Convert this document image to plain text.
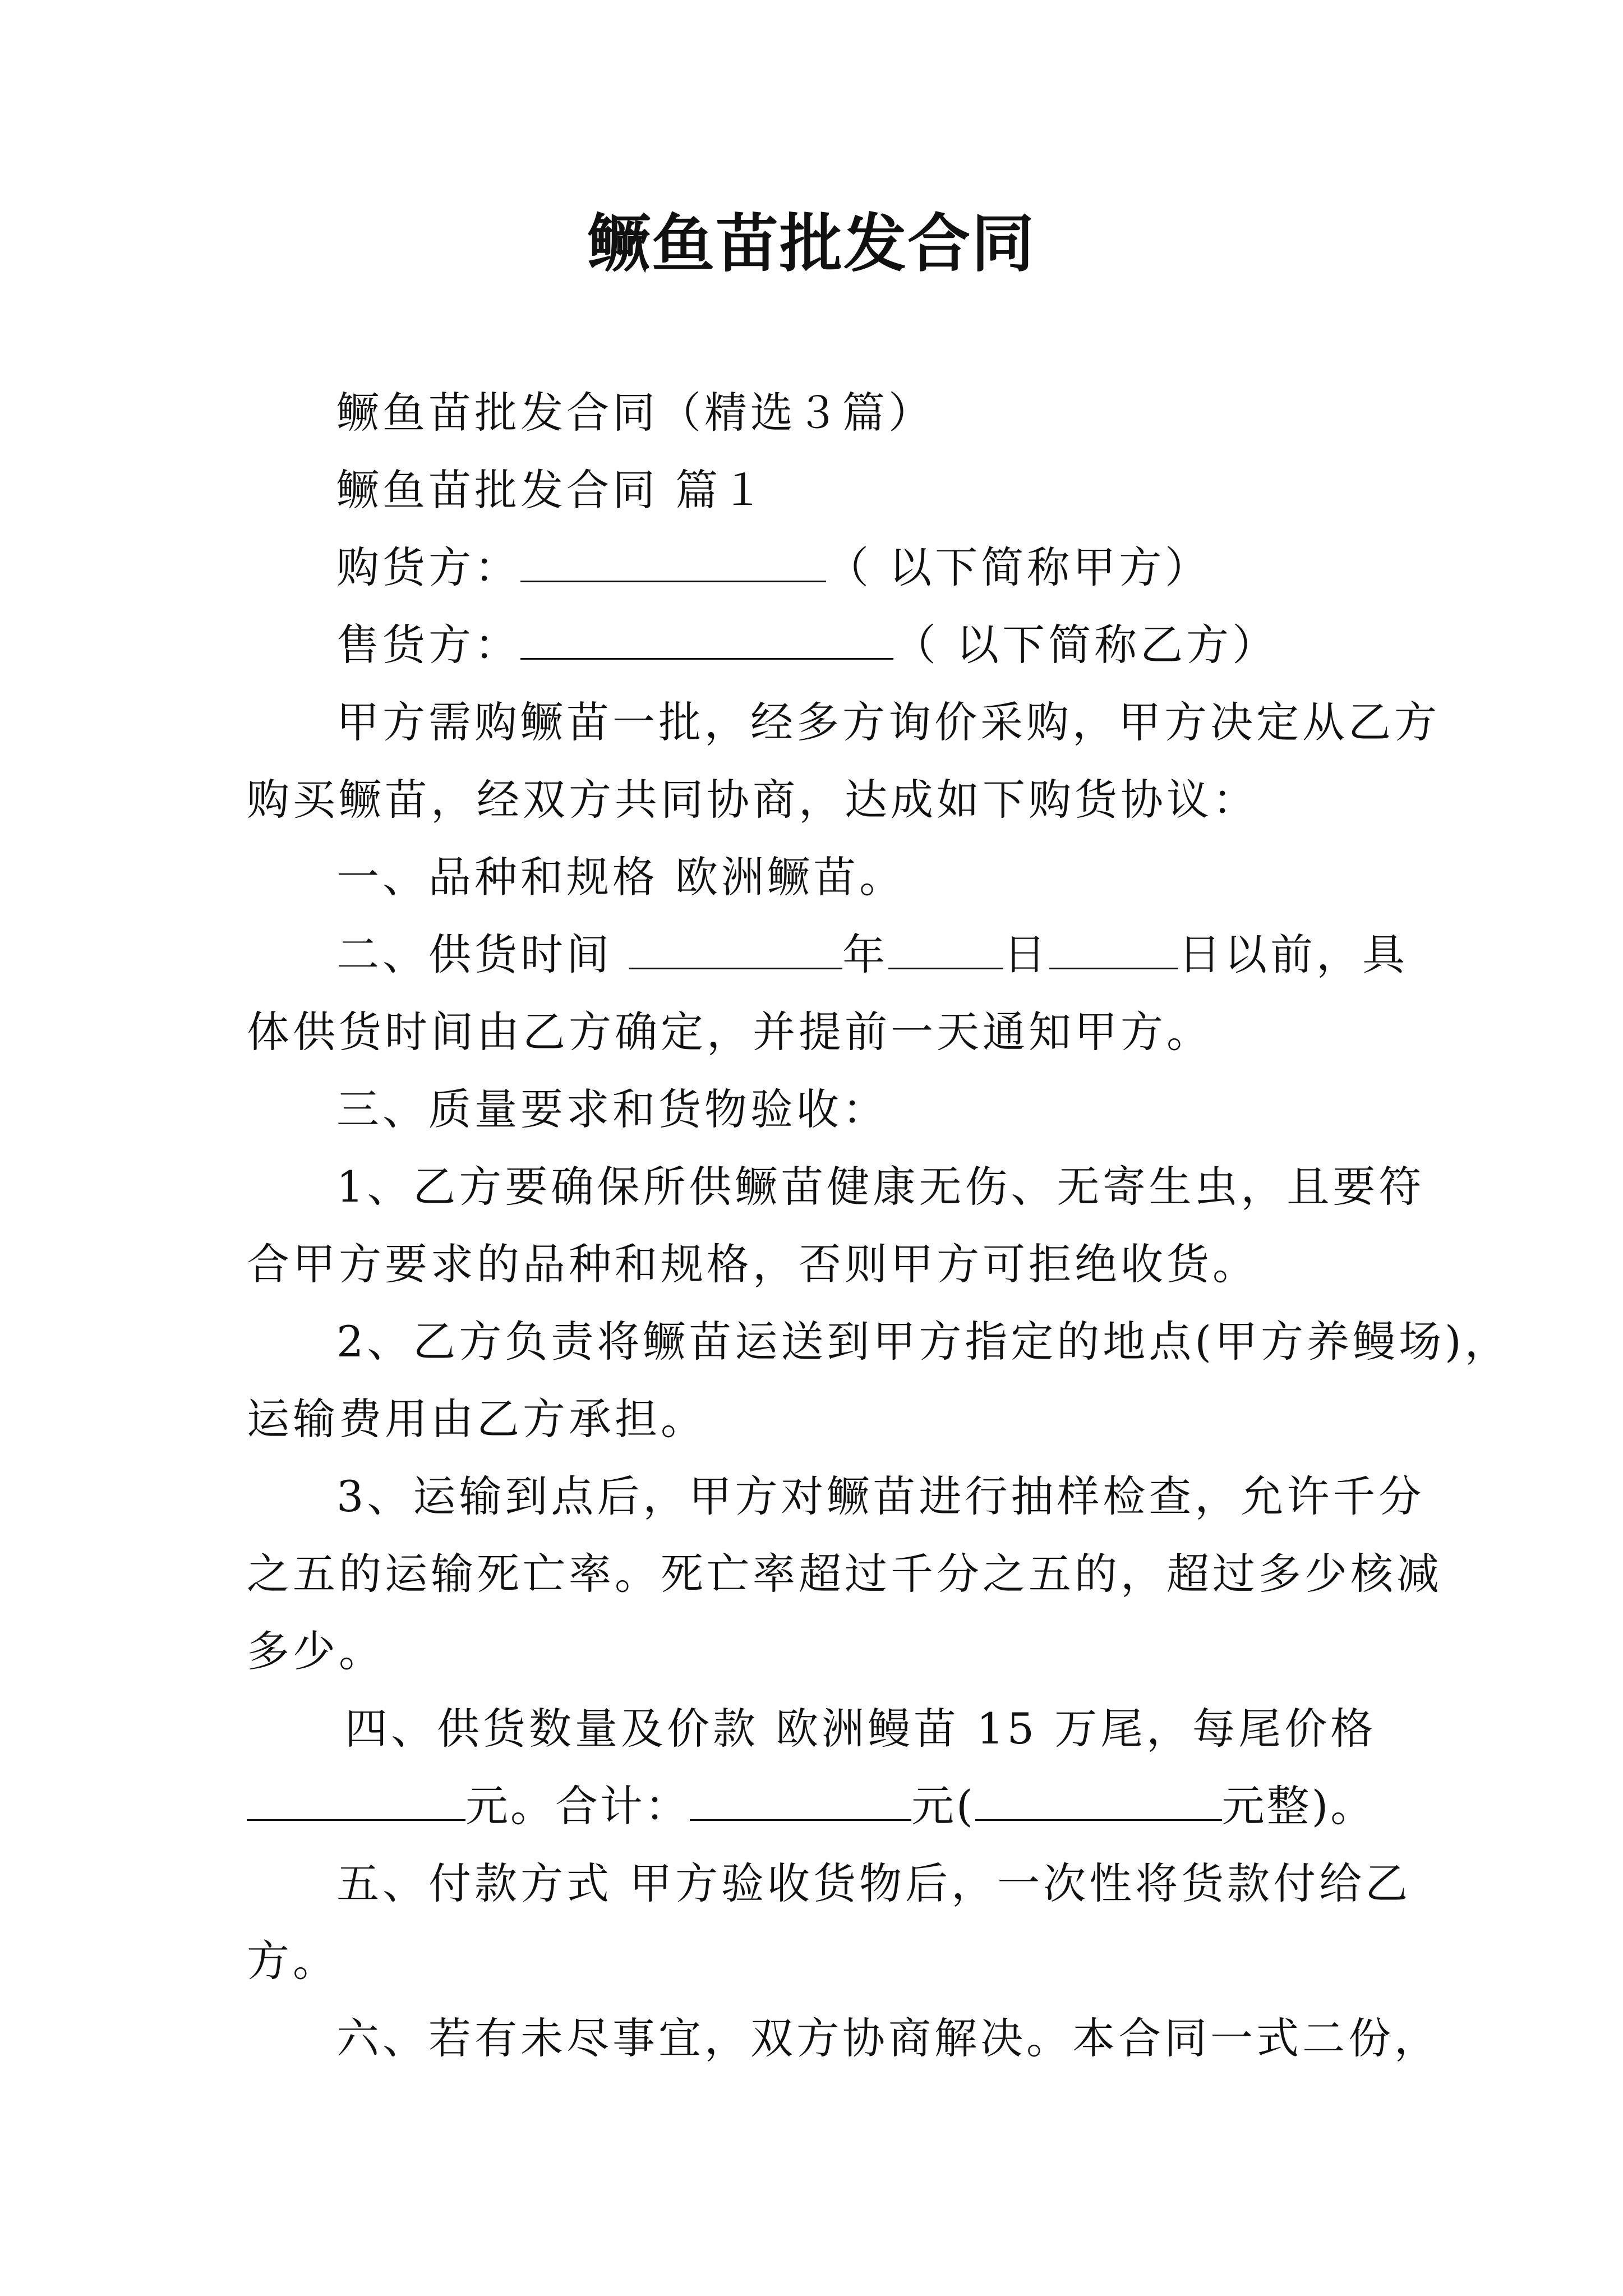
鳜鱼苗批发合同
鳜鱼苗批发合同（精选３篇）
鳜鱼苗批发合同 篇１
购货方：	（ 以下简称甲方）
售货方：	（ 以下简称乙方）
甲方需购鳜苗一批，经多方询价采购，甲方决定从乙方
购买鳜苗，经双方共同协商，达成如下购货协议：
一、品种和规格 欧洲鳜苗。
二、供货时间	年	日	日以前，具
体供货时间由乙方确定，并提前一天通知甲方。
三、质量要求和货物验收：
1、乙方要确保所供鳜苗健康无伤、无寄生虫，且要符
合甲方要求的品种和规格，否则甲方可拒绝收货。
2、乙方负责将鳜苗运送到甲方指定的地点(甲方养鳗场)，
运输费用由乙方承担。
3、运输到点后，甲方对鳜苗进行抽样检查，允许千分
之五的运输死亡率。死亡率超过千分之五的，超过多少核减
多少。
四、供货数量及价款 欧洲鳗苗 15 万尾，每尾价格
元。合计：	元(	元整)。
五、付款方式 甲方验收货物后，一次性将货款付给乙
方。
六、若有未尽事宜，双方协商解决。本合同一式二份，
